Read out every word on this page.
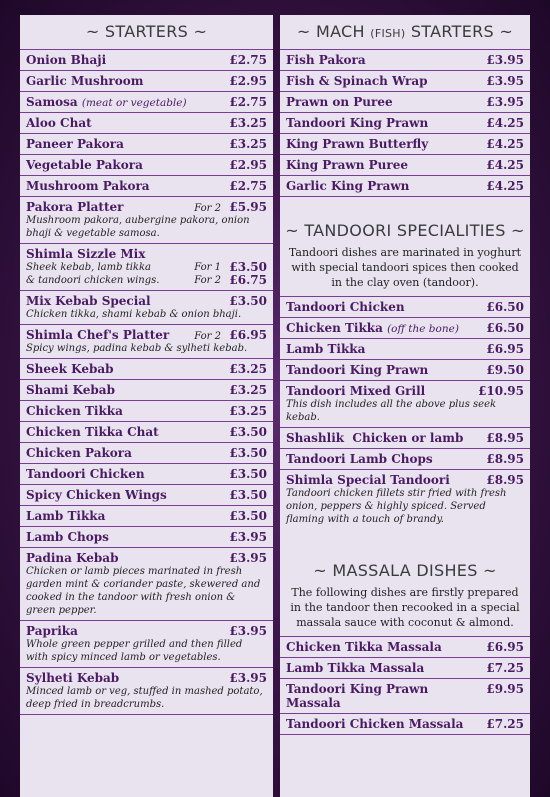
~ STARTERS ~
Onion Bhaji	£2.75
Garlic Mushroom	£2.95
Samosa (meat or vegetable)	£2.75
Aloo Chat	£3.25
Paneer Pakora	£3.25
Vegetable Pakora	£2.95
Mushroom Pakora	£2.75
Pakora Platter	For 2 £5.95
Mushroom pakora, aubergine pakora, onion bhaji & vegetable samosa.
Shimla Sizzle Mix
Sheek kebab, lamb tikka	For 1 £3.50
& tandoori chicken wings.	For 2 £6.75
Mix Kebab Special	£3.50
Chicken tikka, shami kebab & onion bhaji.
Shimla Chef's Platter	For 2 £6.95
Spicy wings, padina kebab & sylheti kebab.
Sheek Kebab	£3.25
Shami Kebab	£3.25
Chicken Tikka	£3.25
Chicken Tikka Chat	£3.50
Chicken Pakora	£3.50
Tandoori Chicken	£3.50
Spicy Chicken Wings	£3.50
Lamb Tikka	£3.50
Lamb Chops	£3.95
Padina Kebab	£3.95
Chicken or lamb pieces marinated in fresh garden mint & coriander paste, skewered and cooked in the tandoor with fresh onion & green pepper.
Paprika	£3.95
Whole green pepper grilled and then filled with spicy minced lamb or vegetables.
Sylheti Kebab	£3.95
Minced lamb or veg, stuffed in mashed potato, deep fried in breadcrumbs.
~ MACH (FISH) STARTERS ~
Fish Pakora	£3.95
Fish & Spinach Wrap	£3.95
Prawn on Puree	£3.95
Tandoori King Prawn	£4.25
King Prawn Butterfly	£4.25
King Prawn Puree	£4.25
Garlic King Prawn	£4.25
~ TANDOORI SPECIALITIES ~
Tandoori dishes are marinated in yoghurt with special tandoori spices then cooked in the clay oven (tandoor).
Tandoori Chicken	£6.50
Chicken Tikka (off the bone)	£6.50
Lamb Tikka	£6.95
Tandoori King Prawn	£9.50
Tandoori Mixed Grill	£10.95
This dish includes all the above plus seek kebab.
Shashlik  Chicken or lamb	£8.95
Tandoori Lamb Chops	£8.95
Shimla Special Tandoori	£8.95
Tandoori chicken fillets stir fried with fresh onion, peppers & highly spiced. Served flaming with a touch of brandy.
~ MASSALA DISHES ~
The following dishes are firstly prepared in the tandoor then recooked in a special massala sauce with coconut & almond.
Chicken Tikka Massala	£6.95
Lamb Tikka Massala	£7.25
Tandoori King Prawn Massala
£9.95
Tandoori Chicken Massala	£7.25
